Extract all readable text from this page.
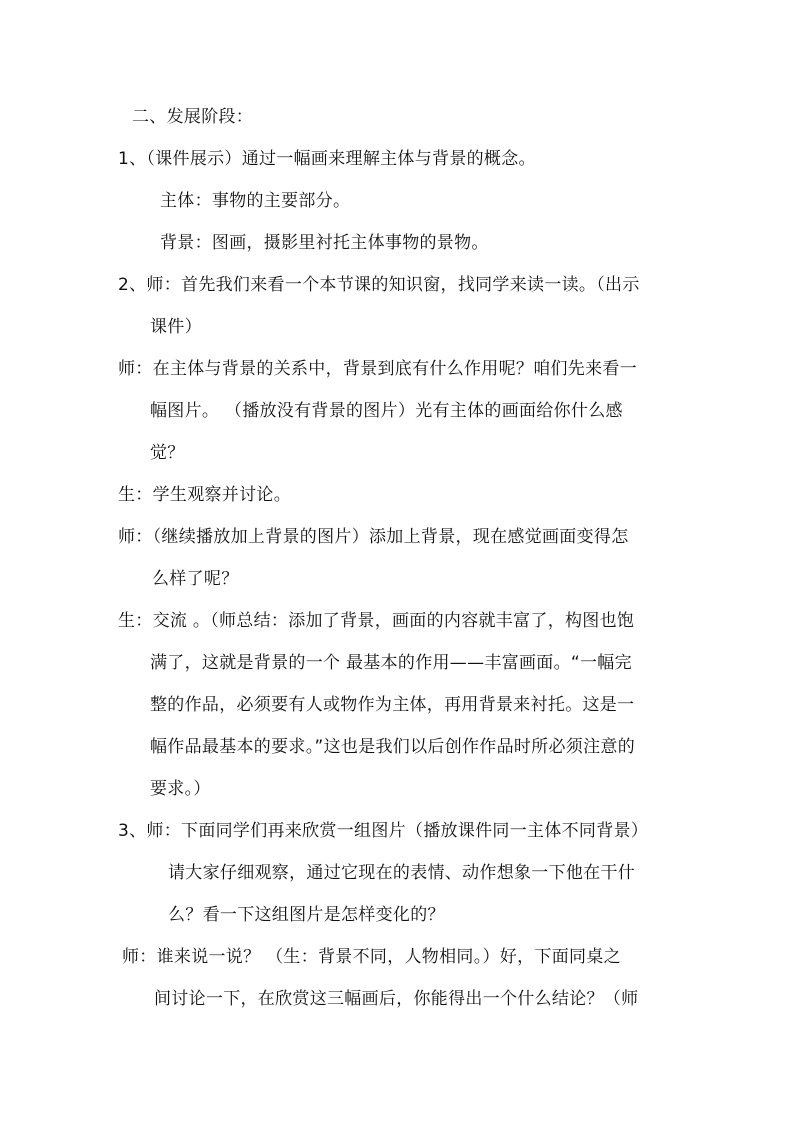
二、发展阶段：
1、（课件展示）通过一幅画来理解主体与背景的概念。
主体：事物的主要部分。
背景：图画，摄影里衬托主体事物的景物。
2、师：首先我们来看一个本节课的知识窗，找同学来读一读。（出示
课件）
师：在主体与背景的关系中，背景到底有什么作用呢？咱们先来看一
幅图片。 （播放没有背景的图片）光有主体的画面给你什么感
觉？
生：学生观察并讨论。
师：（继续播放加上背景的图片）添加上背景，现在感觉画面变得怎
么样了呢？
生：交流 。（师总结：添加了背景，画面的内容就丰富了，构图也饱
满了，这就是背景的一个 最基本的作用——丰富画面。“一幅完
整的作品，必须要有人或物作为主体，再用背景来衬托。这是一
幅作品最基本的要求。”这也是我们以后创作作品时所必须注意的
要求。）
3、师：下面同学们再来欣赏一组图片（播放课件同一主体不同背景）
请大家仔细观察，通过它现在的表情、动作想象一下他在干什
么？看一下这组图片是怎样变化的？
师：谁来说一说？ （生：背景不同，人物相同。）好，下面同桌之
间讨论一下，在欣赏这三幅画后，你能得出一个什么结论？（师
